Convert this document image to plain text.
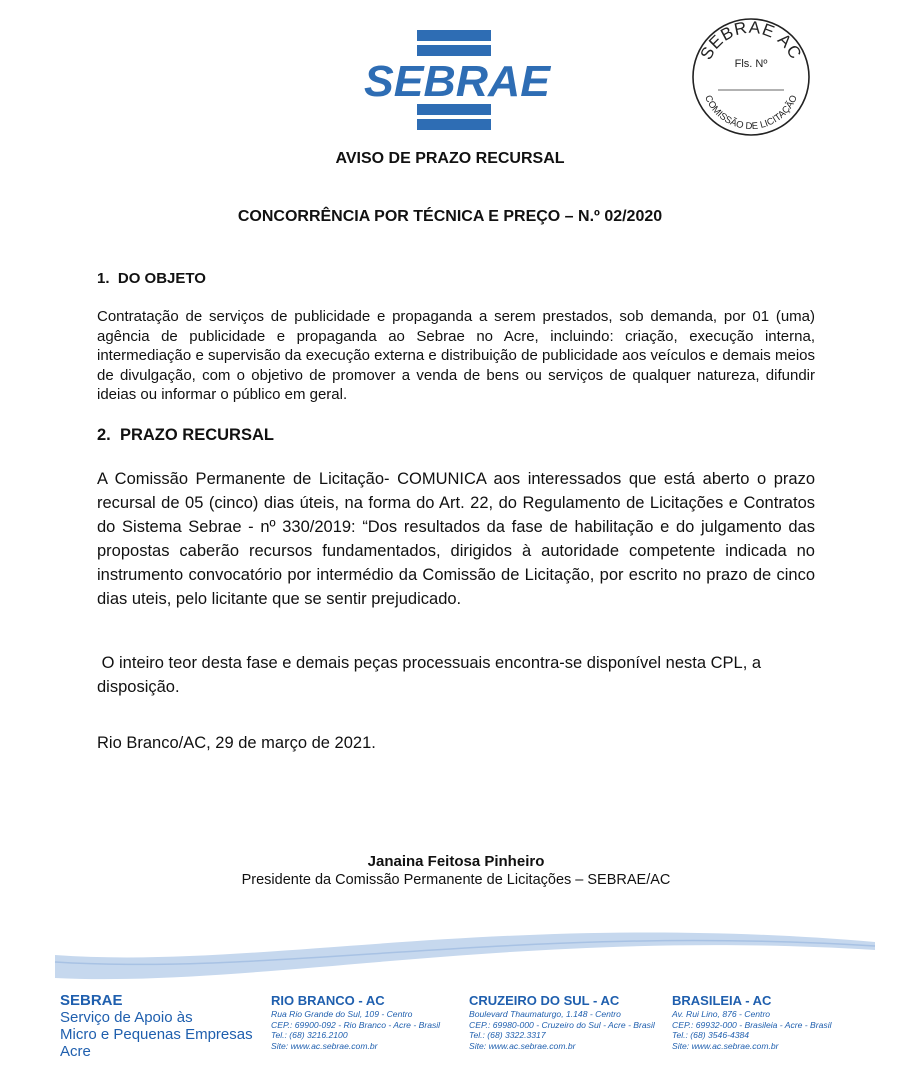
SEBRAE
SEBRAE AC
COMISSÃO DE LICITAÇÃO
Fls. Nº
AVISO DE PRAZO RECURSAL
CONCORRÊNCIA POR TÉCNICA E PREÇO – N.º 02/2020
1. DO OBJETO
Contratação de serviços de publicidade e propaganda a serem prestados, sob demanda, por 01 (uma) agência de publicidade e propaganda ao Sebrae no Acre, incluindo: criação, execução interna, intermediação e supervisão da execução externa e distribuição de publicidade aos veículos e demais meios de divulgação, com o objetivo de promover a venda de bens ou serviços de qualquer natureza, difundir ideias ou informar o público em geral.
2. PRAZO RECURSAL
A Comissão Permanente de Licitação- COMUNICA aos interessados que está aberto o prazo recursal de 05 (cinco) dias úteis, na forma do Art. 22, do Regulamento de Licitações e Contratos do Sistema Sebrae - nº 330/2019: “Dos resultados da fase de habilitação e do julgamento das propostas caberão recursos fundamentados, dirigidos à autoridade competente indicada no instrumento convocatório por intermédio da Comissão de Licitação, por escrito no prazo de cinco dias uteis, pelo licitante que se sentir prejudicado.
O inteiro teor desta fase e demais peças processuais encontra-se disponível nesta CPL, a disposição.
Rio Branco/AC, 29 de março de 2021.
Janaina Feitosa Pinheiro
Presidente da Comissão Permanente de Licitações – SEBRAE/AC
SEBRAE
Serviço de Apoio às
Micro e Pequenas Empresas
Acre
RIO BRANCO - AC
Rua Rio Grande do Sul, 109 - Centro
CEP.: 69900-092 - Rio Branco - Acre - Brasil
Tel.: (68) 3216.2100
Site: www.ac.sebrae.com.br
CRUZEIRO DO SUL - AC
Boulevard Thaumaturgo, 1.148 - Centro
CEP.: 69980-000 - Cruzeiro do Sul - Acre - Brasil
Tel.: (68) 3322.3317
Site: www.ac.sebrae.com.br
BRASILEIA - AC
Av. Rui Lino, 876 - Centro
CEP.: 69932-000 - Brasileia - Acre - Brasil
Tel.: (68) 3546-4384
Site: www.ac.sebrae.com.br
